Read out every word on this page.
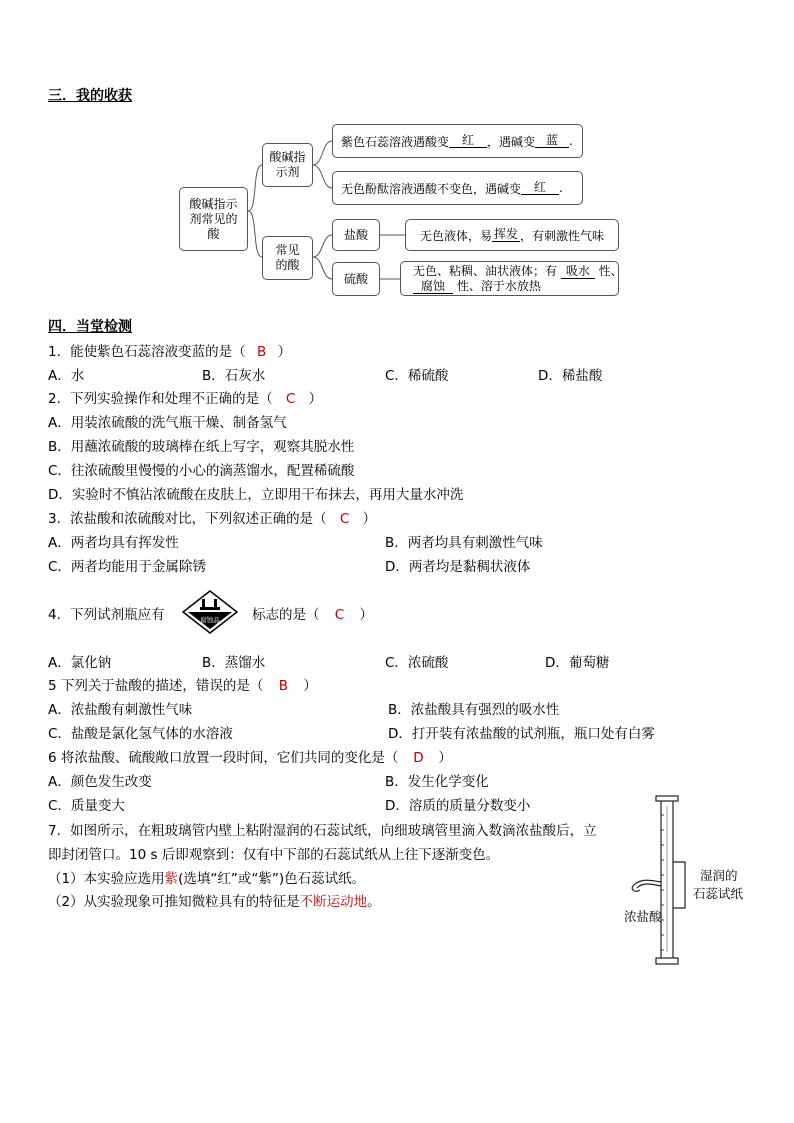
三．我的收获
酸碱指示剂常见的酸
酸碱指示剂
常见的酸
紫色石蕊溶液遇酸变	红	，遇碱变 蓝 .
无色酚酞溶液遇酸不变色，遇碱变	红	.
盐酸
硫酸
无色液体，易 挥发 ，有刺激性气味
无色、粘稠、油状液体；有 吸水 性、
腐蚀 性、溶于水放热
四．当堂检测
1．能使紫色石蕊溶液变蓝的是（ B ）
A．水	B．石灰水	C．稀硫酸	D．稀盐酸
2．下列实验操作和处理不正确的是（ C ）
A．用装浓硫酸的洗气瓶干燥、制备氢气
B．用蘸浓硫酸的玻璃棒在纸上写字，观察其脱水性
C．往浓硫酸里慢慢的小心的滴蒸馏水，配置稀硫酸
D．实验时不慎沾浓硫酸在皮肤上，立即用干布抹去，再用大量水冲洗
3．浓盐酸和浓硫酸对比，下列叙述正确的是（ C ）
A．两者均具有挥发性	B．两者均具有刺激性气味
C．两者均能用于金属除锈	D．两者均是黏稠状液体
4．下列试剂瓶应有	腐蚀品 标志的是（ C ）
A．氯化钠	B．蒸馏水	C．浓硫酸	D．葡萄糖
5 下列关于盐酸的描述，错误的是（ B ）
A．浓盐酸有刺激性气味	B．浓盐酸具有强烈的吸水性
C．盐酸是氯化氢气体的水溶液	D．打开装有浓盐酸的试剂瓶，瓶口处有白雾
6 将浓盐酸、硫酸敞口放置一段时间，它们共同的变化是（ D ）
A．颜色发生改变	B．发生化学变化
C．质量变大	D．溶质的质量分数变小
7．如图所示，在粗玻璃管内壁上粘附湿润的石蕊试纸，向细玻璃管里滴入数滴浓盐酸后，立
即封闭管口。10 s 后即观察到：仅有中下部的石蕊试纸从上往下逐渐变色。
（1）本实验应选用紫(选填“红”或“紫”)色石蕊试纸。
（2）从实验现象可推知微粒具有的特征是不断运动地。
湿润的
石蕊试纸
浓盐酸
